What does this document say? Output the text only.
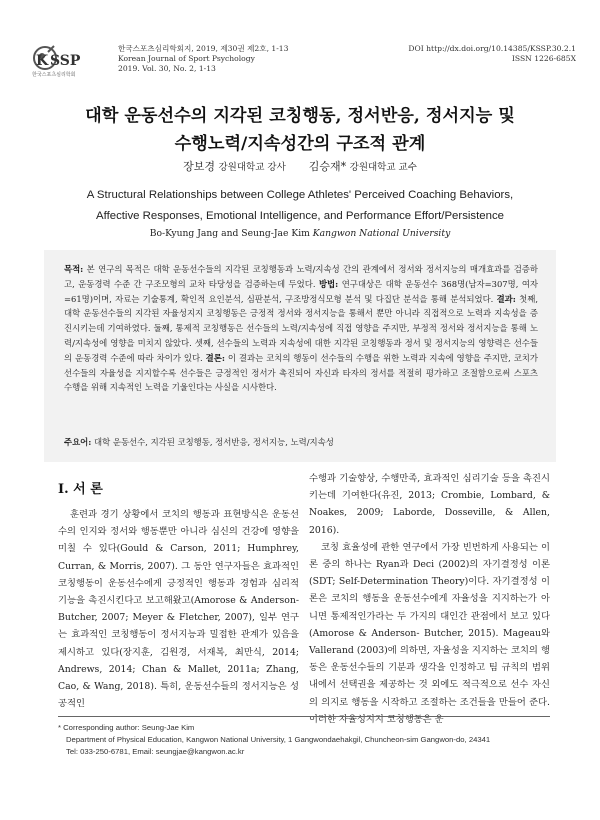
K SSP
한국스포츠심리학회
한국스포츠심리학회지, 2019, 제30권 제2호, 1-13
Korean Journal of Sport Psychology
2019. Vol. 30, No. 2, 1-13
DOI http://dx.doi.org/10.14385/KSSP.30.2.1
ISSN 1226-685X
대학 운동선수의 지각된 코칭행동, 정서반응, 정서지능 및
수행노력/지속성간의 구조적 관계
장보경 강원대학교 강사 김승재* 강원대학교 교수
A Structural Relationships between College Athletes' Perceived Coaching Behaviors,
Affective Responses, Emotional Intelligence, and Performance Effort/Persistence
Bo-Kyung Jang and Seung-Jae Kim Kangwon National University

목적: 본 연구의 목적은 대학 운동선수들의 지각된 코칭행동과 노력/지속성 간의 관계에서 정서와 정서지능의 매개효과를 검증하고, 운동경력 수준 간 구조모형의 교차 타당성을 검증하는데 두었다. 방법: 연구대상은 대학 운동선수 368명(남자=307명, 여자=61명)이며, 자료는 기술통계, 확인적 요인분석, 심판분석, 구조방정식모형 분석 및 다집단 분석을 통해 분석되었다. 결과: 첫째, 대학 운동선수들의 지각된 자율성지지 코칭행동은 긍정적 정서와 정서지능을 통해서 뿐만 아니라 직접적으로 노력과 지속성을 증진시키는데 기여하였다. 둘째, 통제적 코칭행동은 선수들의 노력/지속성에 직접 영향을 주지만, 부정적 정서와 정서지능을 통해 노력/지속성에 영향을 미치지 않았다. 셋째, 선수들의 노력과 지속성에 대한 지각된 코칭행동과 정서 및 정서지능의 영향력은 선수들의 운동경력 수준에 따라 차이가 있다. 결론: 이 결과는 코치의 행동이 선수들의 수행을 위한 노력과 지속에 영향을 주지만, 코치가 선수들의 자율성을 지지할수록 선수들은 긍정적인 정서가 촉진되어 자신과 타자의 정서를 적절히 평가하고 조절함으로써 스포츠 수행을 위해 지속적인 노력을 기울인다는 사실을 시사한다.

주요어: 대학 운동선수, 지각된 코칭행동, 정서반응, 정서지능, 노력/지속성

I. 서 론

훈련과 경기 상황에서 코치의 행동과 표현방식은 운동선수의 인지와 정서와 행동뿐만 아니라 심신의 건강에 영향을 미칠 수 있다(Gould & Carson, 2011; Humphrey, Curran, & Morris, 2007). 그 동안 연구자들은 효과적인 코칭행동이 운동선수에게 긍정적인 행동과 경험과 심리적 기능을 촉진시킨다고 보고해왔고(Amorose & Anderson-Butcher, 2007; Meyer & Fletcher, 2007), 일부 연구는 효과적인 코칭행동이 정서지능과 밀접한 관계가 있음을 제시하고 있다(장지훈, 김원경, 서재복, 최만식, 2014; Andrews, 2014; Chan & Mallet, 2011a; Zhang, Cao, & Wang, 2018). 특히, 운동선수들의 정서지능은 성공적인

수행과 기술향상, 수행만족, 효과적인 심리기술 등을 촉진시키는데 기여한다(유진, 2013; Crombie, Lombard, & Noakes, 2009; Laborde, Dosseville, & Allen, 2016).

코칭 효율성에 관한 연구에서 가장 빈번하게 사용되는 이론 중의 하나는 Ryan과 Deci (2002)의 자기결정성 이론(SDT; Self-Determination Theory)이다. 자기결정성 이론은 코치의 행동을 운동선수에게 자율성을 지지하는가 아니면 통제적인가라는 두 가지의 대인간 관점에서 보고 있다(Amorose & Anderson- Butcher, 2015). Mageau와 Vallerand (2003)에 의하면, 자율성을 지지하는 코치의 행동은 운동선수들의 기분과 생각을 인정하고 팀 규칙의 범위 내에서 선택권을 제공하는 것 외에도 적극적으로 선수 자신의 의지로 행동을 시작하고 조절하는 조건들을 만들어 준다. 이러한 자율성지지 코칭행동은 운

* Corresponding author: Seung-Jae Kim
Department of Physical Education, Kangwon National University, 1 Gangwondaehakgil, Chuncheon-sim Gangwon-do, 24341
Tel: 033-250-6781, Email: seungjae@kangwon.ac.kr
